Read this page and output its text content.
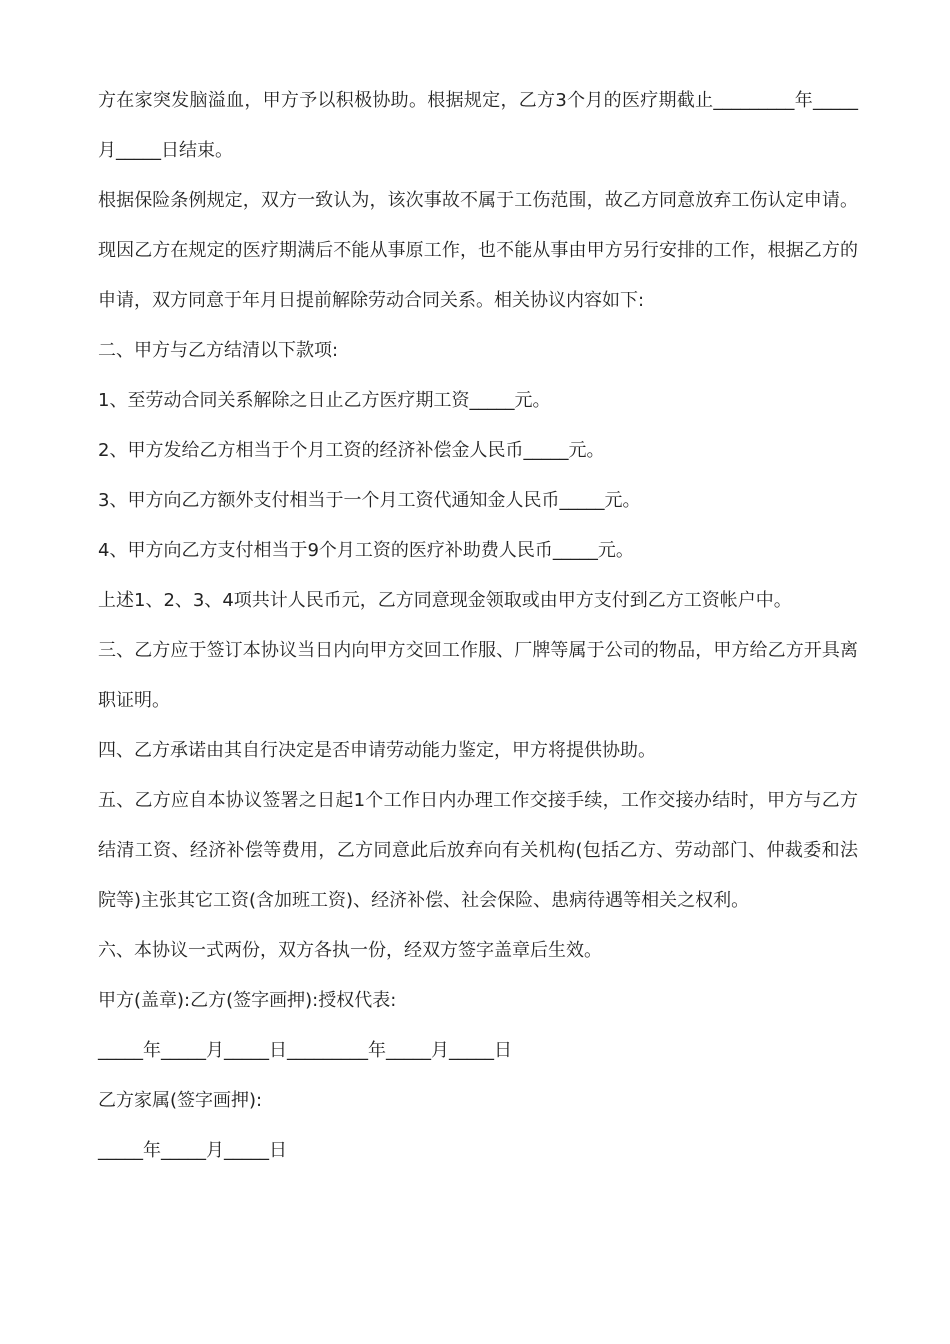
方在家突发脑溢血，甲方予以积极协助。根据规定，乙方3个月的医疗期截止_________年_____月_____日结束。

根据保险条例规定，双方一致认为，该次事故不属于工伤范围，故乙方同意放弃工伤认定申请。现因乙方在规定的医疗期满后不能从事原工作，也不能从事由甲方另行安排的工作，根据乙方的申请，双方同意于年月日提前解除劳动合同关系。相关协议内容如下:

二、甲方与乙方结清以下款项:

1、至劳动合同关系解除之日止乙方医疗期工资_____元。

2、甲方发给乙方相当于个月工资的经济补偿金人民币_____元。

3、甲方向乙方额外支付相当于一个月工资代通知金人民币_____元。

4、甲方向乙方支付相当于9个月工资的医疗补助费人民币_____元。

上述1、2、3、4项共计人民币元，乙方同意现金领取或由甲方支付到乙方工资帐户中。

三、乙方应于签订本协议当日内向甲方交回工作服、厂牌等属于公司的物品，甲方给乙方开具离职证明。

四、乙方承诺由其自行决定是否申请劳动能力鉴定，甲方将提供协助。

五、乙方应自本协议签署之日起1个工作日内办理工作交接手续，工作交接办结时，甲方与乙方结清工资、经济补偿等费用，乙方同意此后放弃向有关机构(包括乙方、劳动部门、仲裁委和法院等)主张其它工资(含加班工资)、经济补偿、社会保险、患病待遇等相关之权利。

六、本协议一式两份，双方各执一份，经双方签字盖章后生效。

甲方(盖章):乙方(签字画押):授权代表:

_____年_____月_____日_________年_____月_____日

乙方家属(签字画押):

_____年_____月_____日
